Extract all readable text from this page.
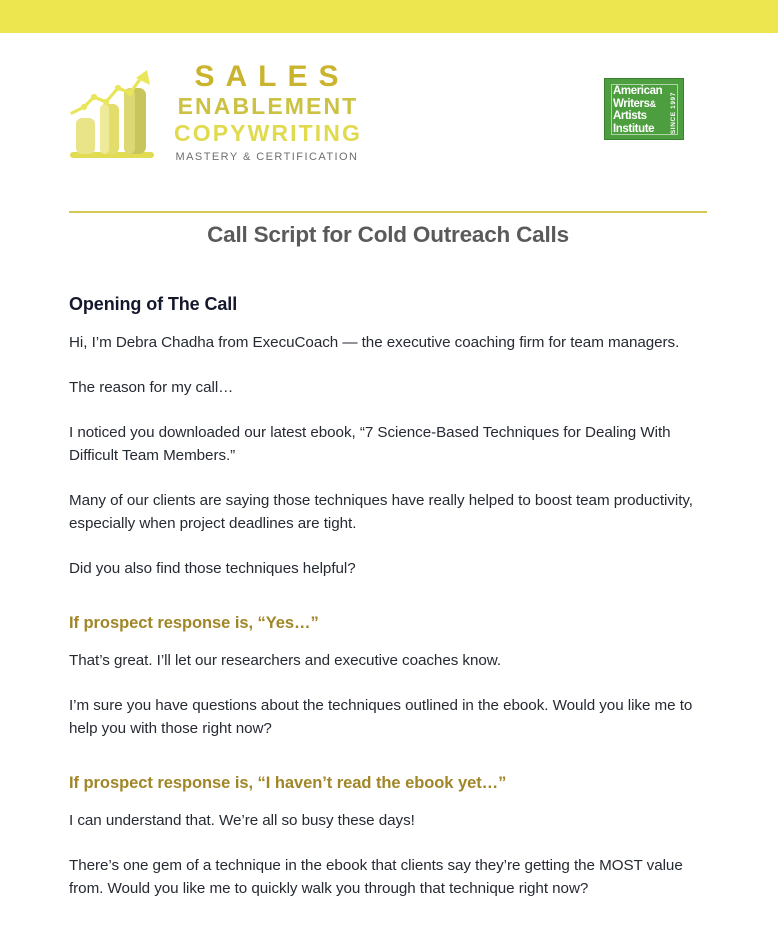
SALES
ENABLEMENT
COPYWRITING
MASTERY & CERTIFICATION
American
Writers&
Artists
Institute	SINCE 1997
Call Script for Cold Outreach Calls
Opening of The Call

Hi, I’m Debra Chadha from ExecuCoach — the executive coaching firm for team managers.

The reason for my call…

I noticed you downloaded our latest ebook, “7 Science-Based Techniques for Dealing With Difficult Team Members.”

Many of our clients are saying those techniques have really helped to boost team productivity, especially when project deadlines are tight.

Did you also find those techniques helpful?

If prospect response is, “Yes…”

That’s great. I’ll let our researchers and executive coaches know.

I’m sure you have questions about the techniques outlined in the ebook. Would you like me to help you with those right now?

If prospect response is, “I haven’t read the ebook yet…”

I can understand that. We’re all so busy these days!

There’s one gem of a technique in the ebook that clients say they’re getting the MOST value from. Would you like me to quickly walk you through that technique right now?
